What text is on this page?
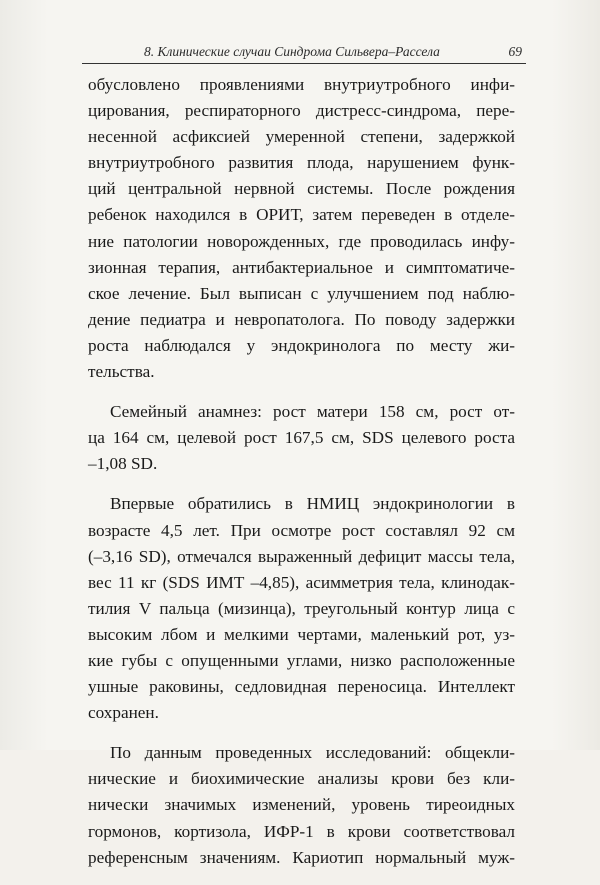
8. Клинические случаи Синдрома Сильвера–Рассела	69
обусловлено проявлениями внутриутробного инфи-
цирования, респираторного дистресс-синдрома, пере-
несенной асфиксией умеренной степени, задержкой
внутриутробного развития плода, нарушением функ-
ций центральной нервной системы. После рождения
ребенок находился в ОРИТ, затем переведен в отделе-
ние патологии новорожденных, где проводилась инфу-
зионная терапия, антибактериальное и симптоматиче-
ское лечение. Был выписан с улучшением под наблю-
дение педиатра и невропатолога. По поводу задержки
роста наблюдался у эндокринолога по месту жи-
тельства.
Семейный анамнез: рост матери 158 см, рост от-
ца 164 см, целевой рост 167,5 см, SDS целевого роста
–1,08 SD.
Впервые обратились в НМИЦ эндокринологии в
возрасте 4,5 лет. При осмотре рост составлял 92 см
(–3,16 SD), отмечался выраженный дефицит массы тела,
вес 11 кг (SDS ИМТ –4,85), асимметрия тела, клинодак-
тилия V пальца (мизинца), треугольный контур лица с
высоким лбом и мелкими чертами, маленький рот, уз-
кие губы с опущенными углами, низко расположенные
ушные раковины, седловидная переносица. Интеллект
сохранен.
По данным проведенных исследований: общекли-
нические и биохимические анализы крови без кли-
нически значимых изменений, уровень тиреоидных
гормонов, кортизола, ИФР-1 в крови соответствовал
референсным значениям. Кариотип нормальный муж-
